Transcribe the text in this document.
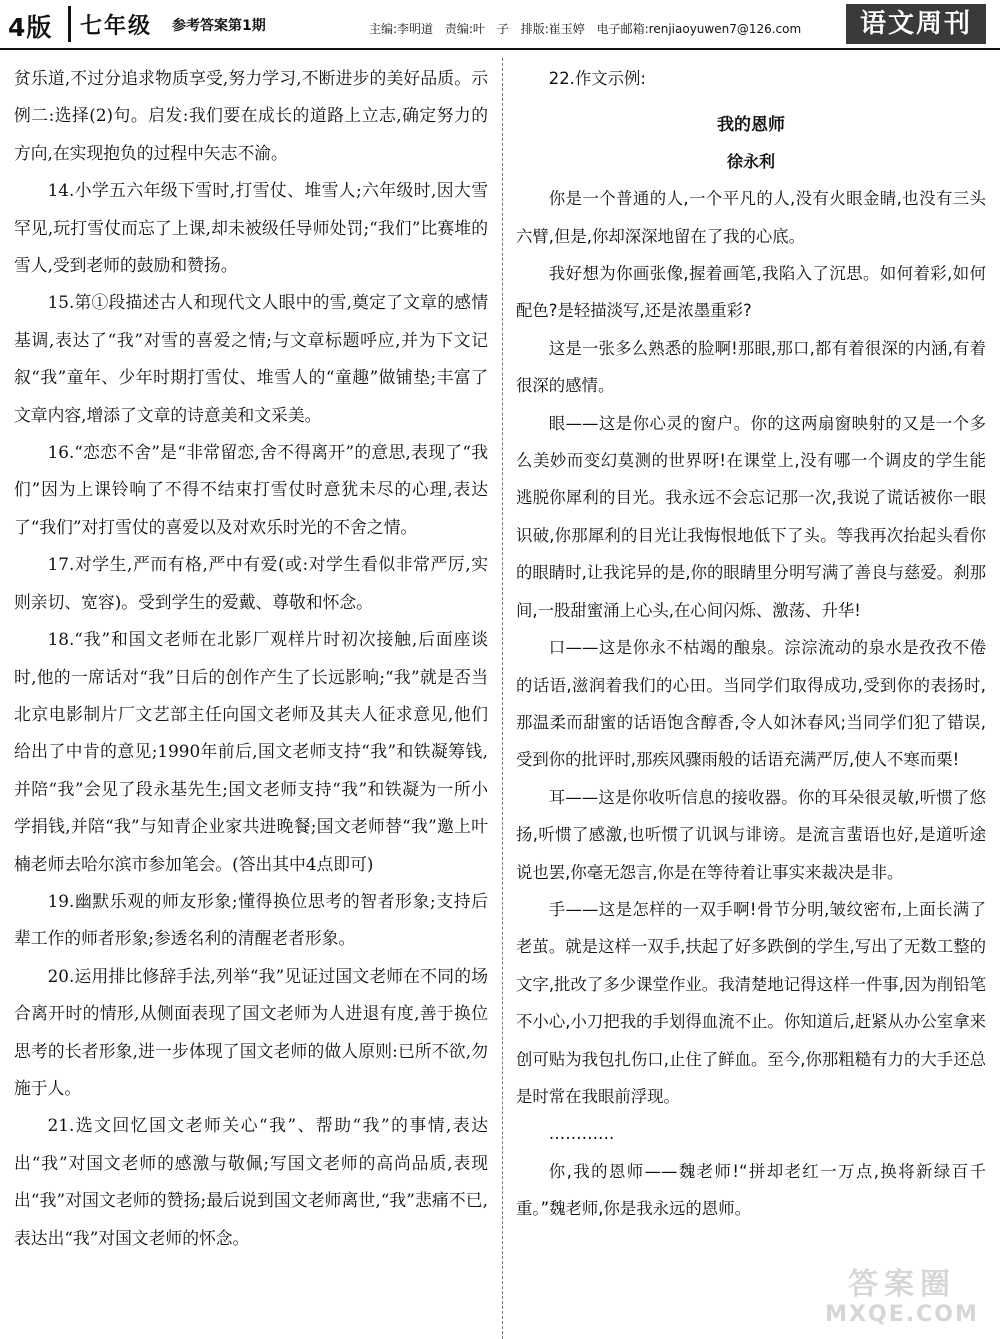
4版 七年级 参考答案第1期	主编:李明道 责编:叶　子 排版:崔玉婷 电子邮箱:renjiaoyuwen7@126.com	语文周刊

贫乐道,不过分追求物质享受,努力学习,不断进步的美好品质。示例二:选择(2)句。启发:我们要在成长的道路上立志,确定努力的方向,在实现抱负的过程中矢志不渝。

14.小学五六年级下雪时,打雪仗、堆雪人;六年级时,因大雪罕见,玩打雪仗而忘了上课,却未被级任导师处罚;“我们”比赛堆的雪人,受到老师的鼓励和赞扬。

15.第①段描述古人和现代文人眼中的雪,奠定了文章的感情基调,表达了“我”对雪的喜爱之情;与文章标题呼应,并为下文记叙“我”童年、少年时期打雪仗、堆雪人的“童趣”做铺垫;丰富了文章内容,增添了文章的诗意美和文采美。

16.“恋恋不舍”是“非常留恋,舍不得离开”的意思,表现了“我们”因为上课铃响了不得不结束打雪仗时意犹未尽的心理,表达了“我们”对打雪仗的喜爱以及对欢乐时光的不舍之情。

17.对学生,严而有格,严中有爱(或:对学生看似非常严厉,实则亲切、宽容)。受到学生的爱戴、尊敬和怀念。

18.“我”和国文老师在北影厂观样片时初次接触,后面座谈时,他的一席话对“我”日后的创作产生了长远影响;“我”就是否当北京电影制片厂文艺部主任向国文老师及其夫人征求意见,他们给出了中肯的意见;1990年前后,国文老师支持“我”和铁凝筹钱,并陪“我”会见了段永基先生;国文老师支持“我”和铁凝为一所小学捐钱,并陪“我”与知青企业家共进晚餐;国文老师替“我”邀上叶楠老师去哈尔滨市参加笔会。(答出其中4点即可)

19.幽默乐观的师友形象;懂得换位思考的智者形象;支持后辈工作的师者形象;参透名利的清醒老者形象。

20.运用排比修辞手法,列举“我”见证过国文老师在不同的场合离开时的情形,从侧面表现了国文老师为人进退有度,善于换位思考的长者形象,进一步体现了国文老师的做人原则:已所不欲,勿施于人。

21.选文回忆国文老师关心“我”、帮助“我”的事情,表达出“我”对国文老师的感激与敬佩;写国文老师的高尚品质,表现出“我”对国文老师的赞扬;最后说到国文老师离世,“我”悲痛不已,表达出“我”对国文老师的怀念。

22.作文示例:

我的恩师

徐永利

你是一个普通的人,一个平凡的人,没有火眼金睛,也没有三头六臂,但是,你却深深地留在了我的心底。

我好想为你画张像,握着画笔,我陷入了沉思。如何着彩,如何配色?是轻描淡写,还是浓墨重彩?

这是一张多么熟悉的脸啊!那眼,那口,都有着很深的内涵,有着很深的感情。

眼——这是你心灵的窗户。你的这两扇窗映射的又是一个多么美妙而变幻莫测的世界呀!在课堂上,没有哪一个调皮的学生能逃脱你犀利的目光。我永远不会忘记那一次,我说了谎话被你一眼识破,你那犀利的目光让我悔恨地低下了头。等我再次抬起头看你的眼睛时,让我诧异的是,你的眼睛里分明写满了善良与慈爱。刹那间,一股甜蜜涌上心头,在心间闪烁、激荡、升华!

口——这是你永不枯竭的酿泉。淙淙流动的泉水是孜孜不倦的话语,滋润着我们的心田。当同学们取得成功,受到你的表扬时,那温柔而甜蜜的话语饱含醇香,令人如沐春风;当同学们犯了错误,受到你的批评时,那疾风骤雨般的话语充满严厉,使人不寒而栗!

耳——这是你收听信息的接收器。你的耳朵很灵敏,听惯了悠扬,听惯了感激,也听惯了讥讽与诽谤。是流言蜚语也好,是道听途说也罢,你毫无怨言,你是在等待着让事实来裁决是非。

手——这是怎样的一双手啊!骨节分明,皱纹密布,上面长满了老茧。就是这样一双手,扶起了好多跌倒的学生,写出了无数工整的文字,批改了多少课堂作业。我清楚地记得这样一件事,因为削铅笔不小心,小刀把我的手划得血流不止。你知道后,赶紧从办公室拿来创可贴为我包扎伤口,止住了鲜血。至今,你那粗糙有力的大手还总是时常在我眼前浮现。

…………

你,我的恩师——魏老师!“拼却老红一万点,换将新绿百千重。”魏老师,你是我永远的恩师。

答案圈
MXQE.COM
